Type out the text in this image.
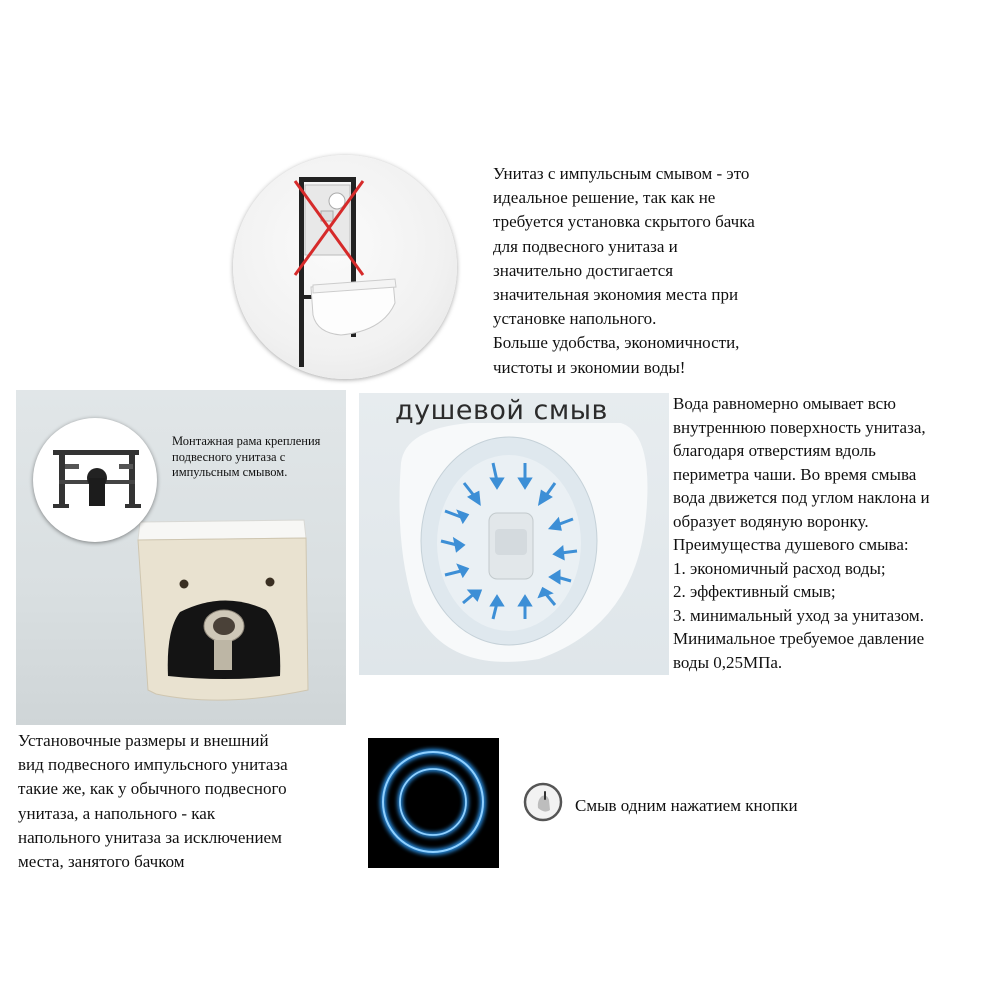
Унитаз с импульсным смывом - это
идеальное решение, так как не
требуется установка скрытого бачка
для подвесного унитаза и
значительно достигается
значительная экономия места при
установке напольного.
Больше удобства, экономичности,
чистоты и экономии воды!
Монтажная рама крепления
подвесного унитаза с
импульсным смывом.
душевой смыв	Вода равномерно омывает всю
внутреннюю поверхность унитаза,
благодаря отверстиям вдоль
периметра чаши. Во время смыва
вода движется под углом наклона и
образует водяную воронку.
Преимущества душевого смыва:
1. экономичный расход воды;
2. эффективный смыв;
3. минимальный уход за унитазом.
Минимальное требуемое давление
воды 0,25МПа.
Установочные размеры и внешний
вид подвесного импульсного унитаза
такие же, как у обычного подвесного
унитаза, а напольного - как
напольного унитаза за исключением
места, занятого бачком
Смыв одним нажатием кнопки
